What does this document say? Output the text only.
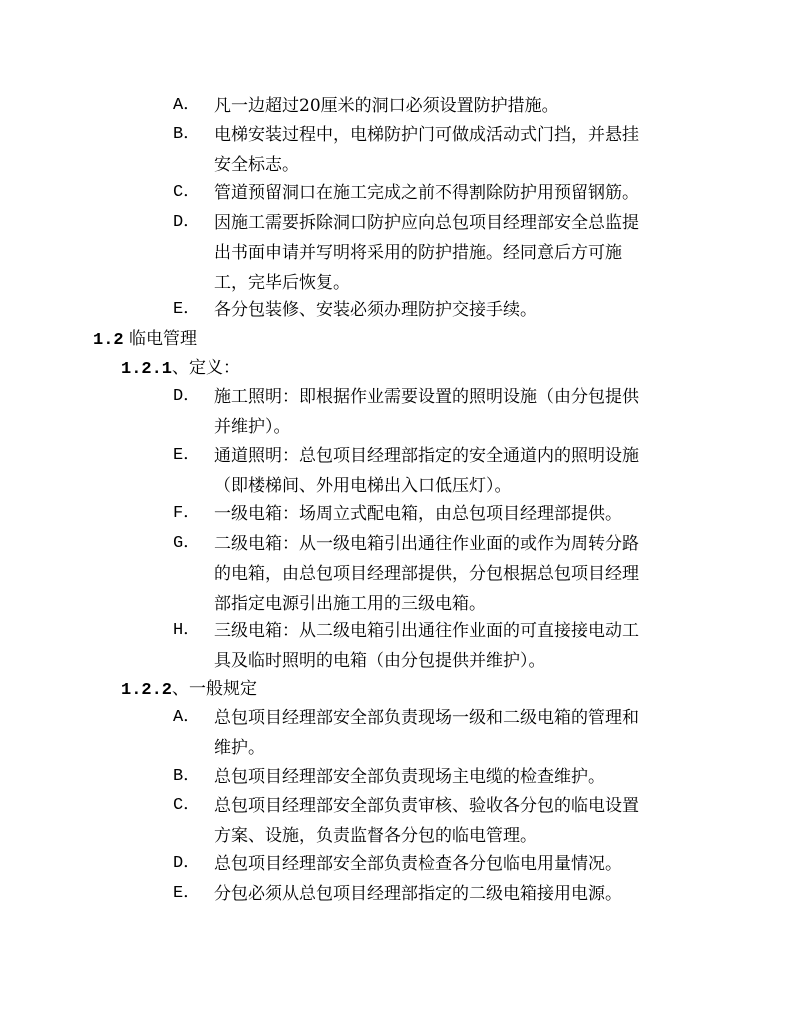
A． 凡一边超过20厘米的洞口必须设置防护措施。
B． 电梯安装过程中，电梯防护门可做成活动式门挡，并悬挂
安全标志。
C． 管道预留洞口在施工完成之前不得割除防护用预留钢筋。
D． 因施工需要拆除洞口防护应向总包项目经理部安全总监提
出书面申请并写明将采用的防护措施。经同意后方可施
工，完毕后恢复。
E． 各分包装修、安装必须办理防护交接手续。
1.2 临电管理
1.2.1、定义：
D． 施工照明：即根据作业需要设置的照明设施（由分包提供
并维护）。
E． 通道照明：总包项目经理部指定的安全通道内的照明设施
（即楼梯间、外用电梯出入口低压灯）。
F． 一级电箱：场周立式配电箱，由总包项目经理部提供。
G． 二级电箱：从一级电箱引出通往作业面的或作为周转分路
的电箱，由总包项目经理部提供，分包根据总包项目经理
部指定电源引出施工用的三级电箱。
H． 三级电箱：从二级电箱引出通往作业面的可直接接电动工
具及临时照明的电箱（由分包提供并维护）。
1.2.2、一般规定
A． 总包项目经理部安全部负责现场一级和二级电箱的管理和
维护。
B． 总包项目经理部安全部负责现场主电缆的检查维护。
C． 总包项目经理部安全部负责审核、验收各分包的临电设置
方案、设施，负责监督各分包的临电管理。
D． 总包项目经理部安全部负责检查各分包临电用量情况。
E． 分包必须从总包项目经理部指定的二级电箱接用电源。
